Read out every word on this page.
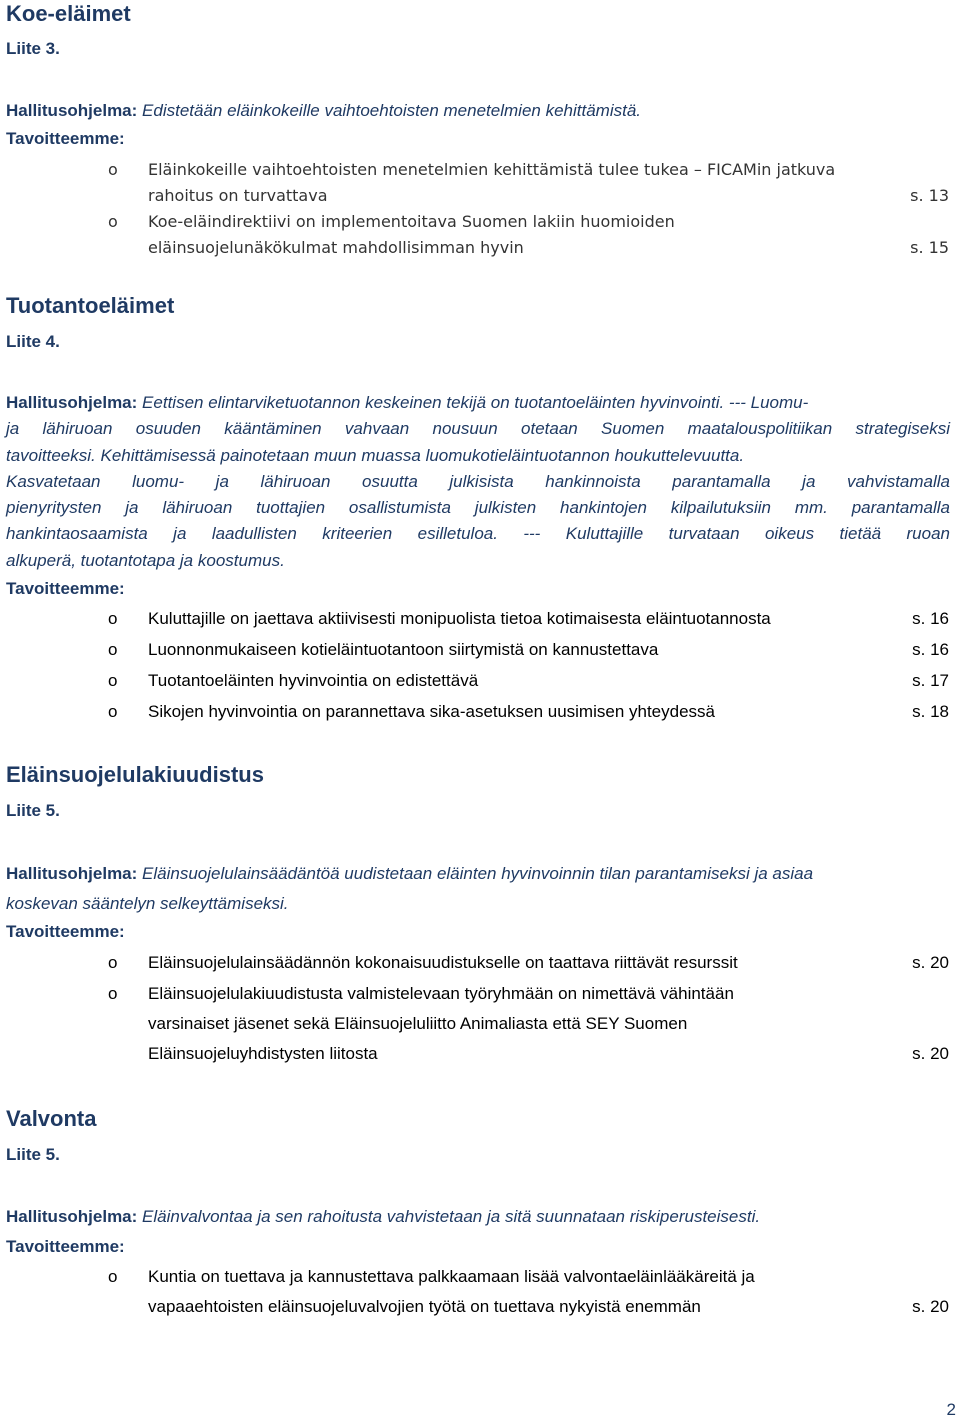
Koe-eläimet
Liite 3.
Hallitusohjelma: Edistetään eläinkokeille vaihtoehtoisten menetelmien kehittämistä.
Tavoitteemme:
o Eläinkokeille vaihtoehtoisten menetelmien kehittämistä tulee tukea – FICAMin jatkuva
rahoitus on turvattava	s. 13
o Koe-eläindirektiivi on implementoitava Suomen lakiin huomioiden
eläinsuojelunäkökulmat mahdollisimman hyvin	s. 15
Tuotantoeläimet
Liite 4.
Hallitusohjelma: Eettisen elintarviketuotannon keskeinen tekijä on tuotantoeläinten hyvinvointi. --- Luomu-
ja lähiruoan osuuden kääntäminen vahvaan nousuun otetaan Suomen maatalouspolitiikan strategiseksi
tavoitteeksi. Kehittämisessä painotetaan muun muassa luomukotieläintuotannon houkuttelevuutta.
Kasvatetaan luomu- ja lähiruoan osuutta julkisista hankinnoista parantamalla ja vahvistamalla
pienyritysten ja lähiruoan tuottajien osallistumista julkisten hankintojen kilpailutuksiin mm. parantamalla
hankintaosaamista ja laadullisten kriteerien esilletuloa. --- Kuluttajille turvataan oikeus tietää ruoan
alkuperä, tuotantotapa ja koostumus.
Tavoitteemme:
o Kuluttajille on jaettava aktiivisesti monipuolista tietoa kotimaisesta eläintuotannosta	s. 16
o Luonnonmukaiseen kotieläintuotantoon siirtymistä on kannustettava	s. 16
o Tuotantoeläinten hyvinvointia on edistettävä	s. 17
o Sikojen hyvinvointia on parannettava sika-asetuksen uusimisen yhteydessä	s. 18
Eläinsuojelulakiuudistus
Liite 5.
Hallitusohjelma: Eläinsuojelulainsäädäntöä uudistetaan eläinten hyvinvoinnin tilan parantamiseksi ja asiaa
koskevan sääntelyn selkeyttämiseksi.
Tavoitteemme:
o Eläinsuojelulainsäädännön kokonaisuudistukselle on taattava riittävät resurssit	s. 20
o Eläinsuojelulakiuudistusta valmistelevaan työryhmään on nimettävä vähintään
varsinaiset jäsenet sekä Eläinsuojeluliitto Animaliasta että SEY Suomen
Eläinsuojeluyhdistysten liitosta	s. 20
Valvonta
Liite 5.
Hallitusohjelma: Eläinvalvontaa ja sen rahoitusta vahvistetaan ja sitä suunnataan riskiperusteisesti.
Tavoitteemme:
o Kuntia on tuettava ja kannustettava palkkaamaan lisää valvontaeläinlääkäreitä ja
vapaaehtoisten eläinsuojeluvalvojien työtä on tuettava nykyistä enemmän	s. 20
2
